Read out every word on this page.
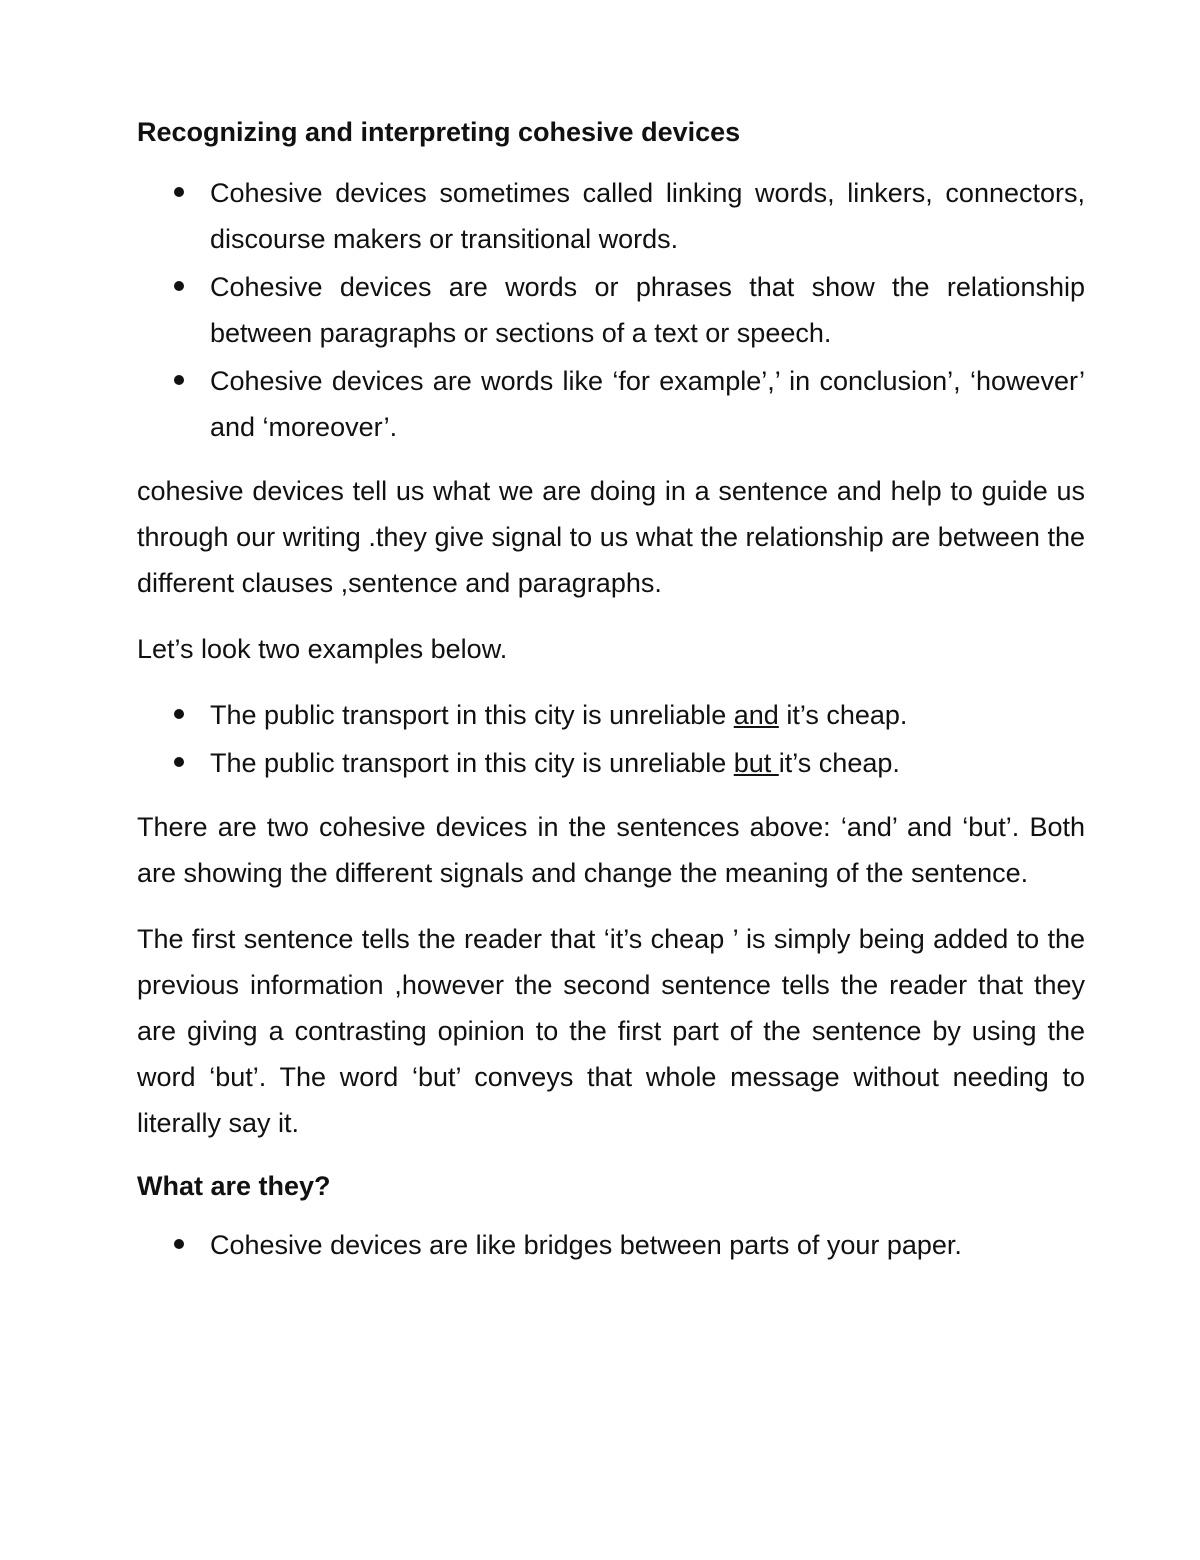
Recognizing and interpreting cohesive devices
Cohesive devices sometimes called linking words, linkers, connectors, discourse makers or transitional words.
Cohesive devices are words or phrases that show the relationship between paragraphs or sections of a text or speech.
Cohesive devices are words like ‘for example’,’ in conclusion’, ‘however’ and ‘moreover’.

cohesive devices tell us what we are doing in a sentence and help to guide us through our writing .they give signal to us what the relationship are between the different clauses ,sentence and paragraphs.

Let’s look two examples below.

The public transport in this city is unreliable and it’s cheap.
The public transport in this city is unreliable but it’s cheap.

There are two cohesive devices in the sentences above: ‘and’ and ‘but’. Both are showing the different signals and change the meaning of the sentence.

The first sentence tells the reader that ‘it’s cheap ’ is simply being added to the previous information ,however the second sentence tells the reader that they are giving a contrasting opinion to the first part of the sentence by using the word ‘but’. The word ‘but’ conveys that whole message without needing to literally say it.

What are they?
Cohesive devices are like bridges between parts of your paper.
